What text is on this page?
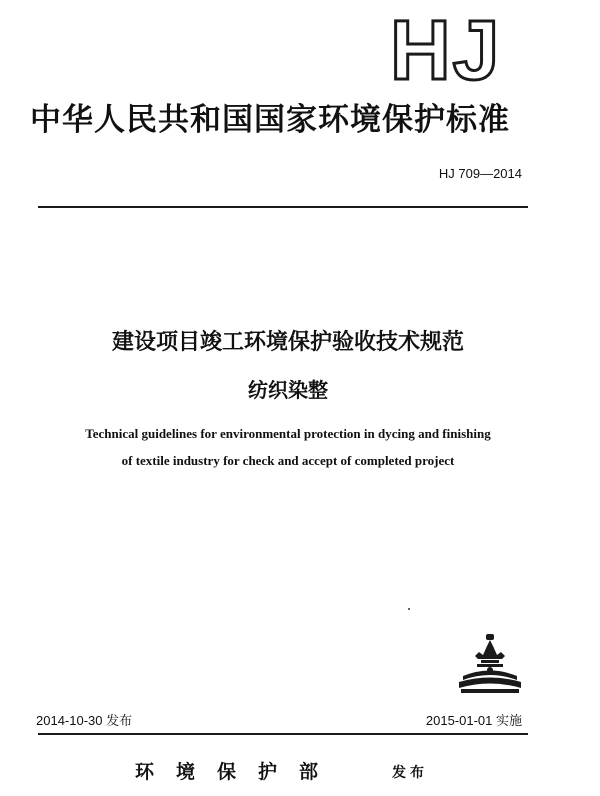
HJ
中华人民共和国国家环境保护标准
HJ 709—2014
建设项目竣工环境保护验收技术规范
纺织染整
Technical guidelines for environmental protection in dycing and finishing
of textile industry for check and accept of completed project
2014-10-30 发布	2015-01-01 实施
环境保护部	发布
